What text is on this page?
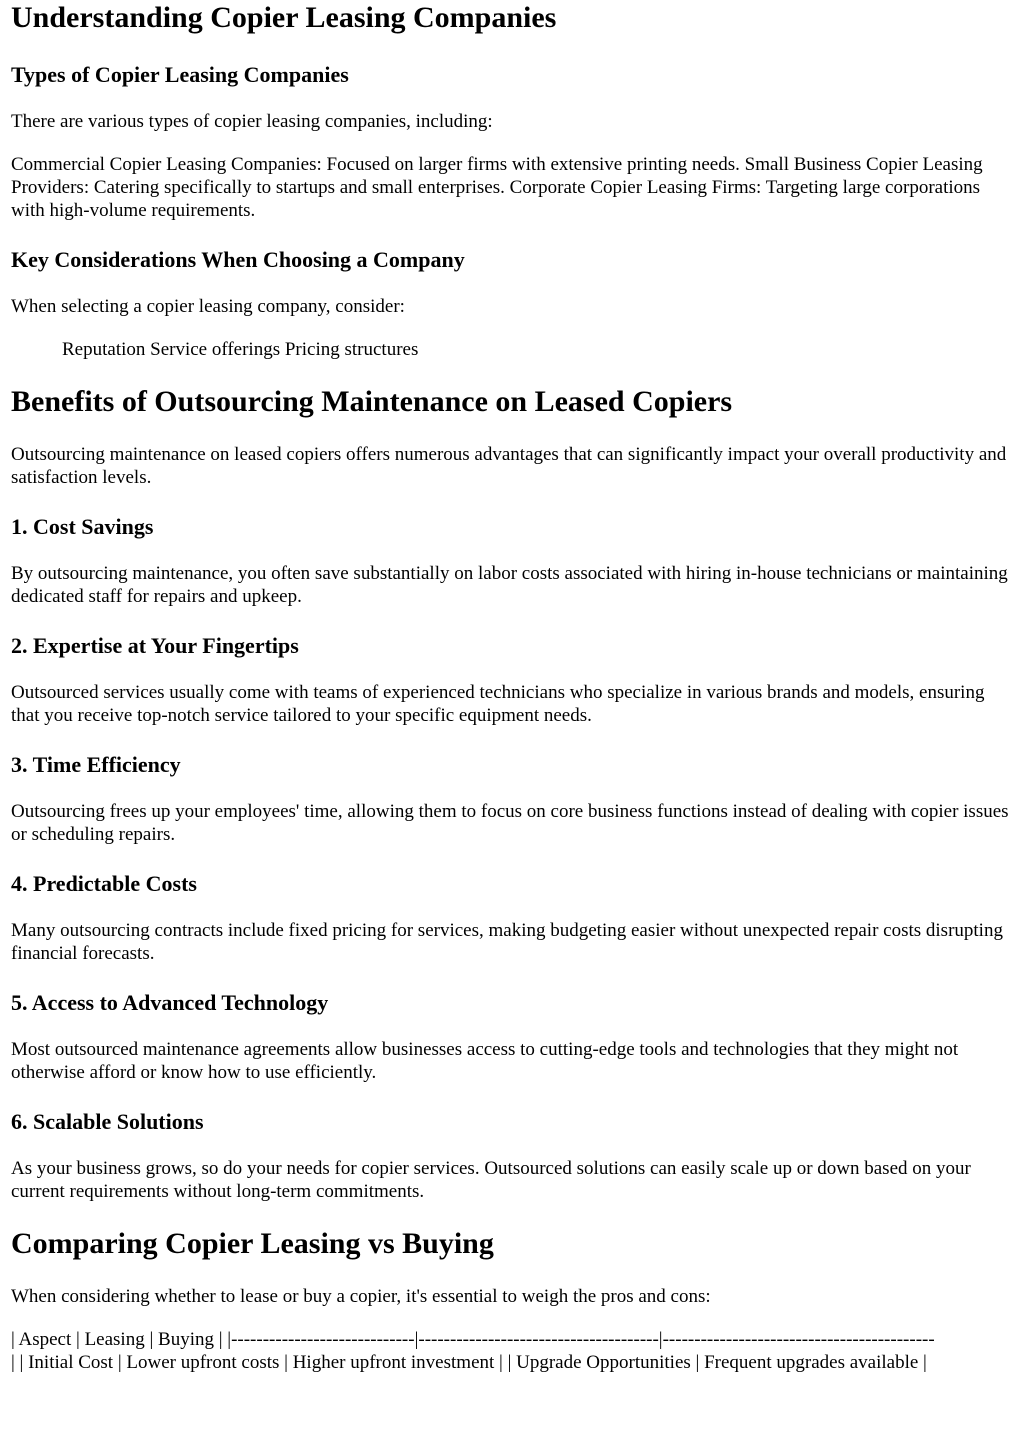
Understanding Copier Leasing Companies
Types of Copier Leasing Companies

There are various types of copier leasing companies, including:

Commercial Copier Leasing Companies: Focused on larger firms with extensive printing needs. Small Business Copier Leasing Providers: Catering specifically to startups and small enterprises. Corporate Copier Leasing Firms: Targeting large corporations with high-volume requirements.

Key Considerations When Choosing a Company

When selecting a copier leasing company, consider:

Reputation Service offerings Pricing structures

Benefits of Outsourcing Maintenance on Leased Copiers

Outsourcing maintenance on leased copiers offers numerous advantages that can significantly impact your overall productivity and satisfaction levels.

1. Cost Savings

By outsourcing maintenance, you often save substantially on labor costs associated with hiring in-house technicians or maintaining dedicated staff for repairs and upkeep.

2. Expertise at Your Fingertips

Outsourced services usually come with teams of experienced technicians who specialize in various brands and models, ensuring that you receive top-notch service tailored to your specific equipment needs.

3. Time Efficiency

Outsourcing frees up your employees' time, allowing them to focus on core business functions instead of dealing with copier issues or scheduling repairs.

4. Predictable Costs

Many outsourcing contracts include fixed pricing for services, making budgeting easier without unexpected repair costs disrupting financial forecasts.

5. Access to Advanced Technology

Most outsourced maintenance agreements allow businesses access to cutting-edge tools and technologies that they might not otherwise afford or know how to use efficiently.

6. Scalable Solutions

As your business grows, so do your needs for copier services. Outsourced solutions can easily scale up or down based on your current requirements without long-term commitments.

Comparing Copier Leasing vs Buying

When considering whether to lease or buy a copier, it's essential to weigh the pros and cons:

| Aspect | Leasing | Buying | |-----------------------------|--------------------------------------|-------------------------------------------
| | Initial Cost | Lower upfront costs | Higher upfront investment | | Upgrade Opportunities | Frequent upgrades available |
